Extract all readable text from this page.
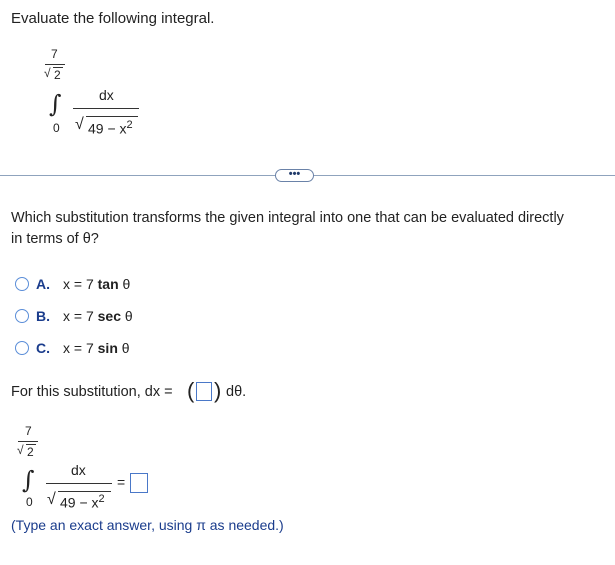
Evaluate the following integral.
7
√ 2
∫
0
dx
√ $49 - x^2$
•••
Which substitution transforms the given integral into one that can be evaluated directly
in terms of θ?
A. x = 7 tan θ
B. x = 7 sec θ
C. x = 7 sin θ
For this substitution, dx = ( ) dθ.
7
√ 2
∫
0
dx
√ $49 - x^2$
=
(Type an exact answer, using π as needed.)
